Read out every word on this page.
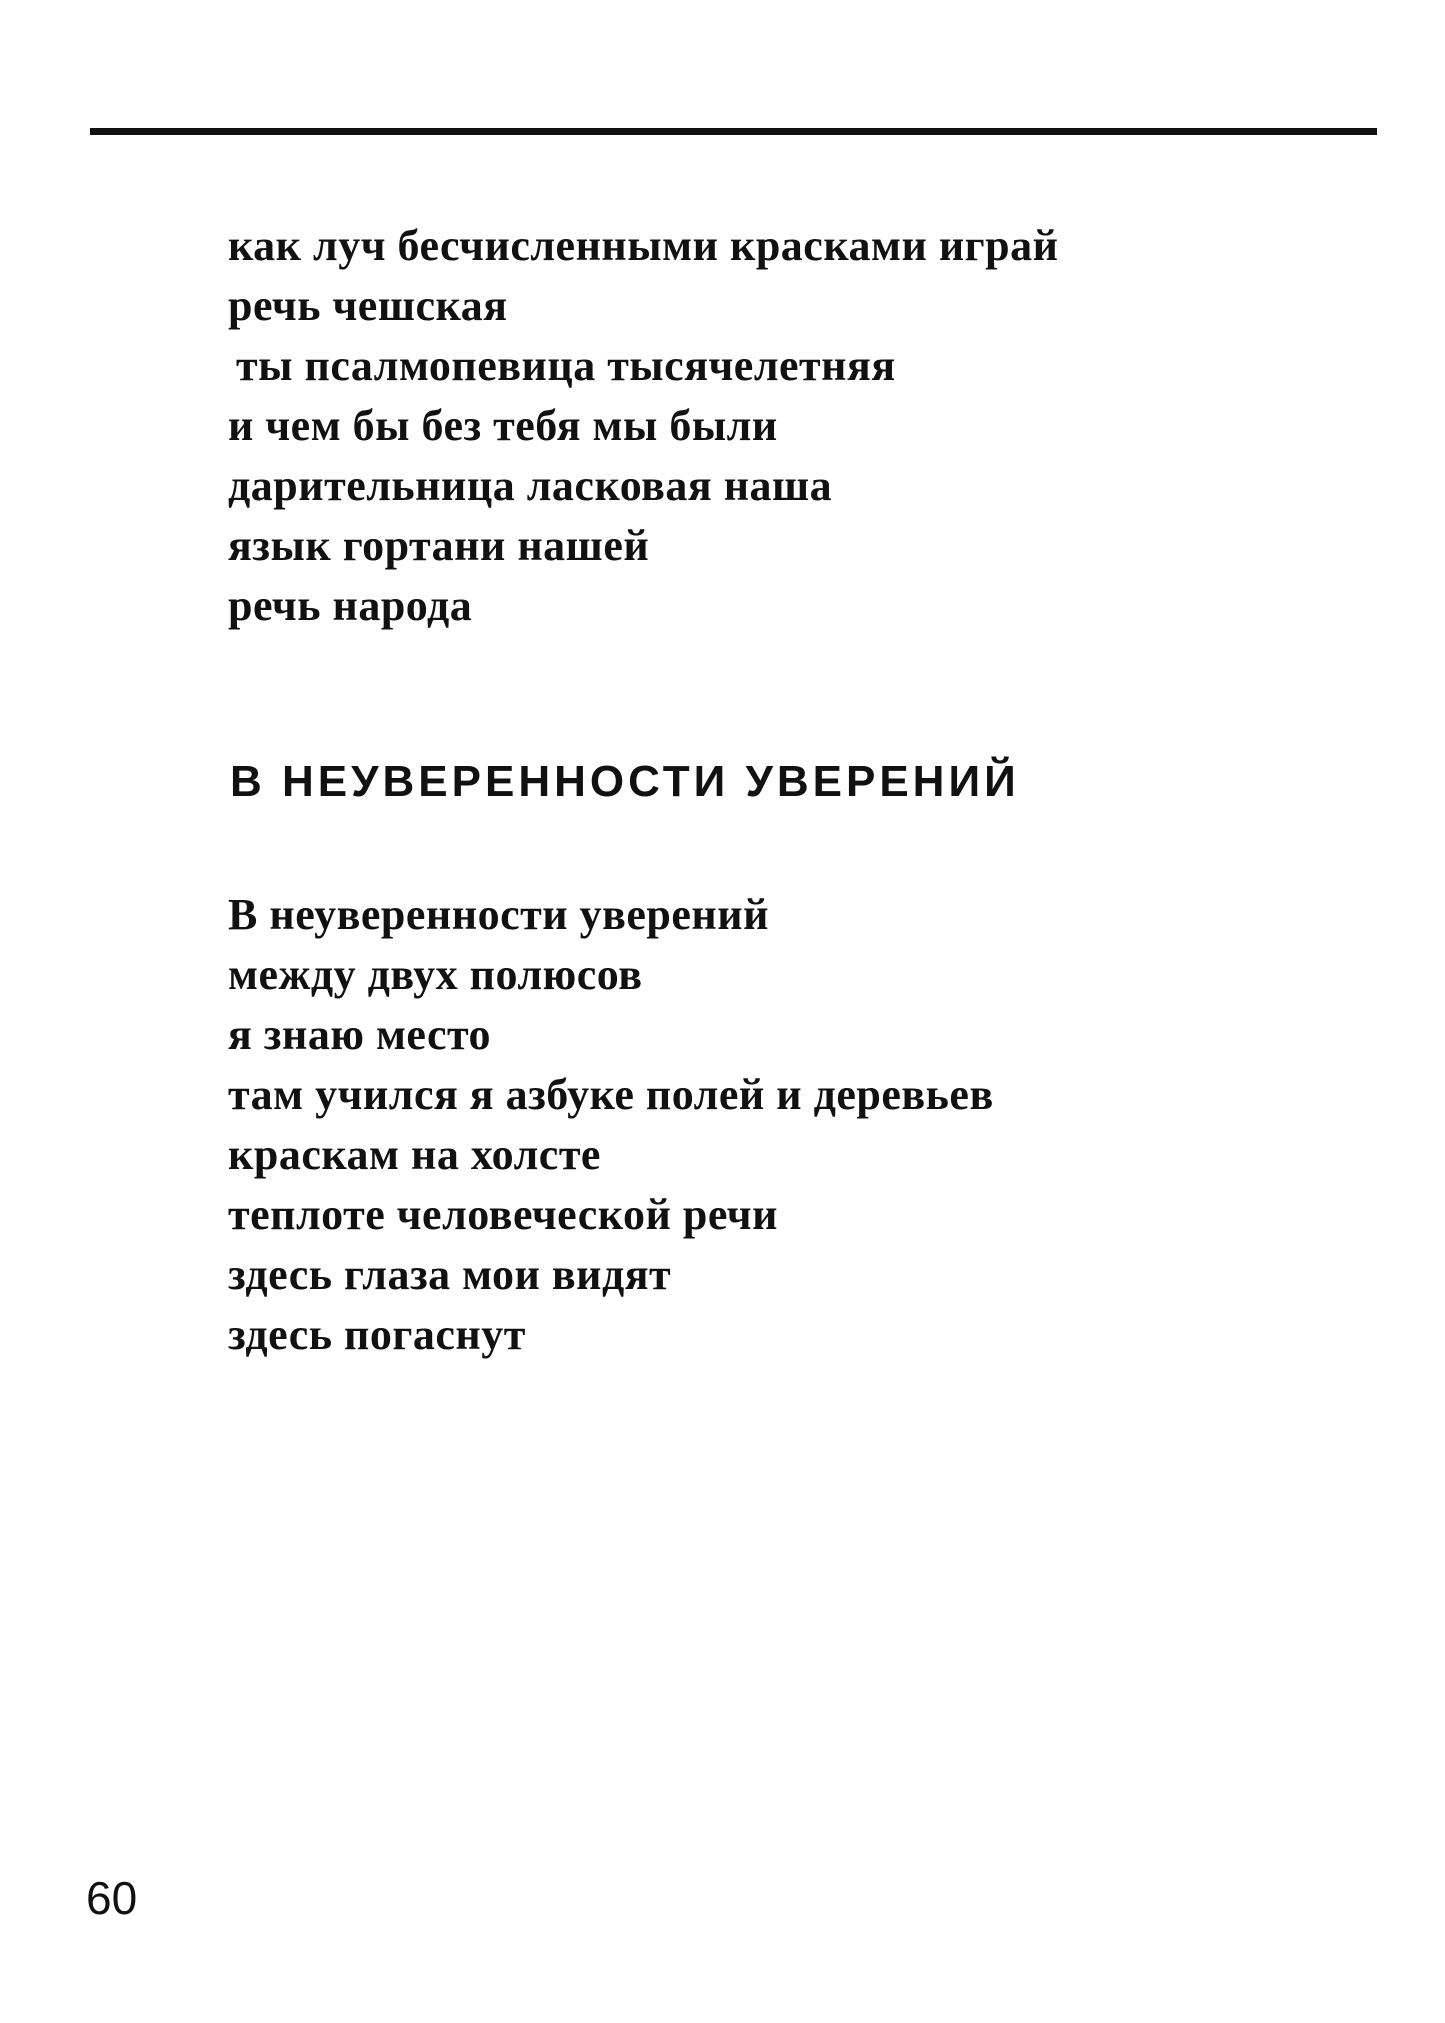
как луч бесчисленными красками играй
речь чешская
ты псалмопевица тысячелетняя
и чем бы без тебя мы были
дарительница ласковая наша
язык гортани нашей
речь народа
В НЕУВЕРЕННОСТИ УВЕРЕНИЙ
В неуверенности уверений
между двух полюсов
я знаю место
там учился я азбуке полей и деревьев
краскам на холсте
теплоте человеческой речи
здесь глаза мои видят
здесь погаснут
60
